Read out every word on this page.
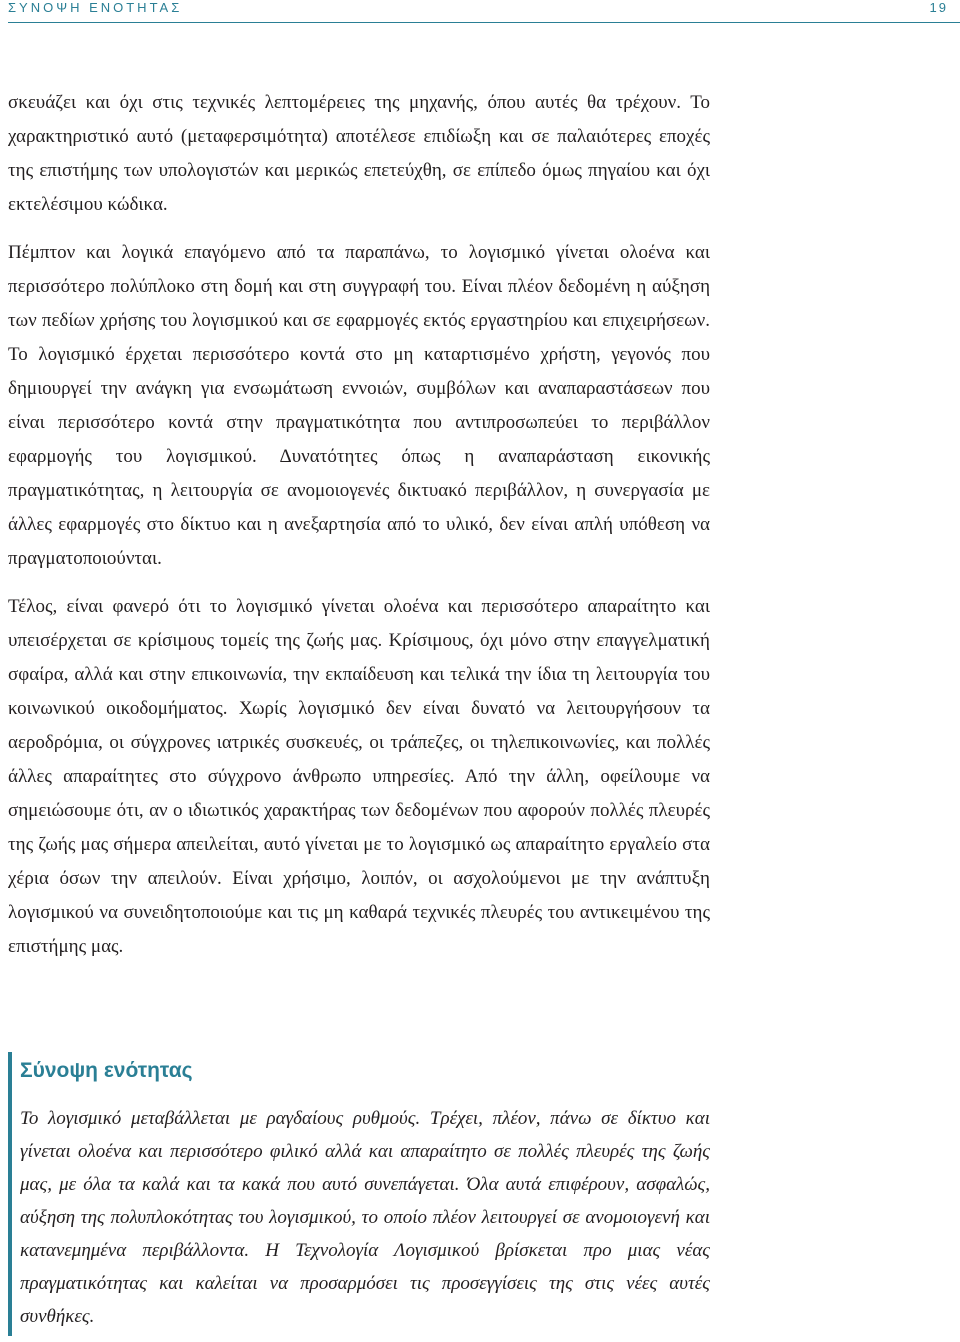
ΣΥΝΟΨΗ ΕΝΟΤΗΤΑΣ	19

σκευάζει και όχι στις τεχνικές λεπτομέρειες της μηχανής, όπου αυτές θα τρέχουν. Το χαρακτηριστικό αυτό (μεταφερσιμότητα) αποτέλεσε επιδίωξη και σε παλαιότερες εποχές της επιστήμης των υπολογιστών και μερικώς επετεύχθη, σε επίπεδο όμως πηγαίου και όχι εκτελέσιμου κώδικα.

Πέμπτον και λογικά επαγόμενο από τα παραπάνω, το λογισμικό γίνεται ολοένα και περισσότερο πολύπλοκο στη δομή και στη συγγραφή του. Είναι πλέον δεδομένη η αύξηση των πεδίων χρήσης του λογισμικού και σε εφαρμογές εκτός εργαστηρίου και επιχειρήσεων. Το λογισμικό έρχεται περισσότερο κοντά στο μη καταρτισμένο χρήστη, γεγονός που δημιουργεί την ανάγκη για ενσωμάτωση εννοιών, συμβόλων και αναπαραστάσεων που είναι περισσότερο κοντά στην πραγματικότητα που αντιπροσωπεύει το περιβάλλον εφαρμογής του λογισμικού. Δυνατότητες όπως η αναπαράσταση εικονικής πραγματικότητας, η λειτουργία σε ανομοιογενές δικτυακό περιβάλλον, η συνεργασία με άλλες εφαρμογές στο δίκτυο και η ανεξαρτησία από το υλικό, δεν είναι απλή υπόθεση να πραγματοποιούνται.

Τέλος, είναι φανερό ότι το λογισμικό γίνεται ολοένα και περισσότερο απαραίτητο και υπεισέρχεται σε κρίσιμους τομείς της ζωής μας. Κρίσιμους, όχι μόνο στην επαγγελματική σφαίρα, αλλά και στην επικοινωνία, την εκπαίδευση και τελικά την ίδια τη λειτουργία του κοινωνικού οικοδομήματος. Χωρίς λογισμικό δεν είναι δυνατό να λειτουργήσουν τα αεροδρόμια, οι σύγχρονες ιατρικές συσκευές, οι τράπεζες, οι τηλεπικοινωνίες, και πολλές άλλες απαραίτητες στο σύγχρονο άνθρωπο υπηρεσίες. Από την άλλη, οφείλουμε να σημειώσουμε ότι, αν ο ιδιωτικός χαρακτήρας των δεδομένων που αφορούν πολλές πλευρές της ζωής μας σήμερα απειλείται, αυτό γίνεται με το λογισμικό ως απαραίτητο εργαλείο στα χέρια όσων την απειλούν. Είναι χρήσιμο, λοιπόν, οι ασχολούμενοι με την ανάπτυξη λογισμικού να συνειδητοποιούμε και τις μη καθαρά τεχνικές πλευρές του αντικειμένου της επιστήμης μας.

Σύνοψη ενότητας

Το λογισμικό μεταβάλλεται με ραγδαίους ρυθμούς. Τρέχει, πλέον, πάνω σε δίκτυο και γίνεται ολοένα και περισσότερο φιλικό αλλά και απαραίτητο σε πολλές πλευρές της ζωής μας, με όλα τα καλά και τα κακά που αυτό συνεπάγεται. Όλα αυτά επιφέρουν, ασφαλώς, αύξηση της πολυπλοκότητας του λογισμικού, το οποίο πλέον λειτουργεί σε ανομοιογενή και κατανεμημένα περιβάλλοντα. Η Τεχνολογία Λογισμικού βρίσκεται προ μιας νέας πραγματικότητας και καλείται να προσαρμόσει τις προσεγγίσεις της στις νέες αυτές συνθήκες.
